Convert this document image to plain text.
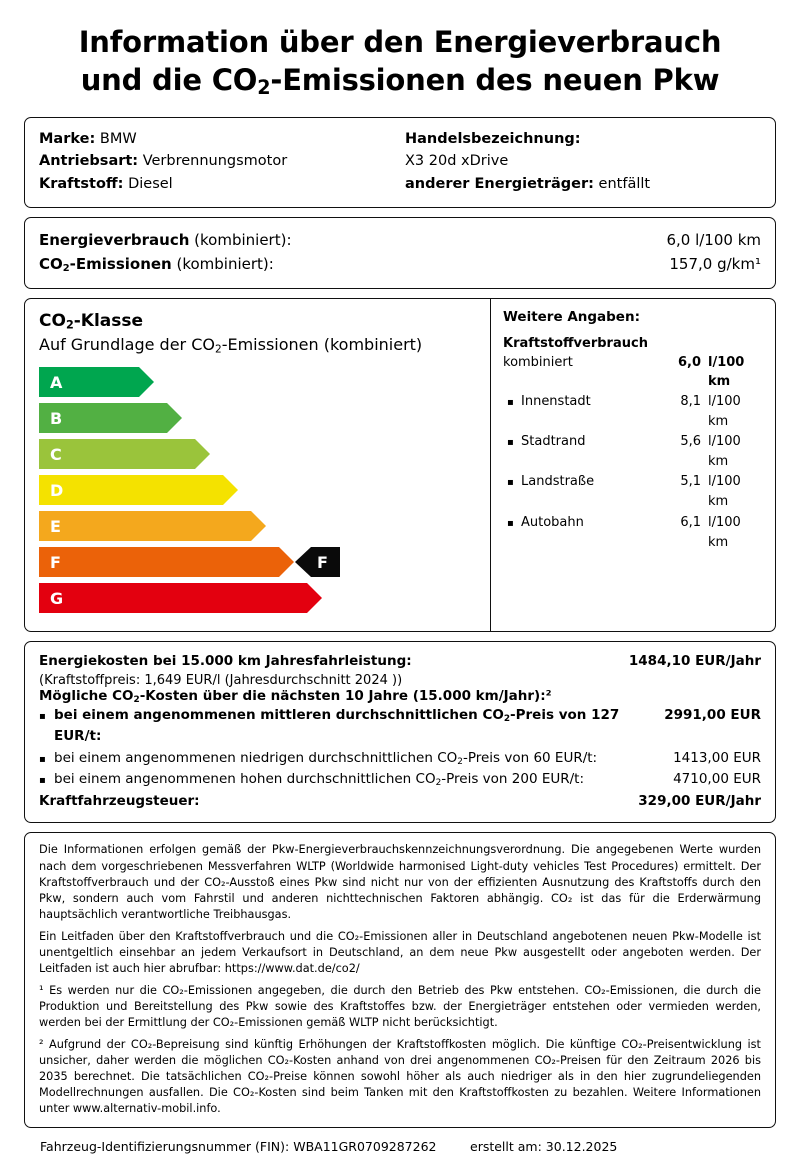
Information über den Energieverbrauch
und die $CO_2$-Emissionen des neuen Pkw
Marke: BMW
Antriebsart: Verbrennungsmotor
Kraftstoff: Diesel
Handelsbezeichnung:
X3 20d xDrive
anderer Energieträger: entfällt
Energieverbrauch (kombiniert):	6,0 l/100 km
$CO_2$-Emissionen (kombiniert):	157,0 g/km¹
$CO_2$-Klasse
Auf Grundlage der $CO_2$-Emissionen (kombiniert)
A
B
C
D
E
F	F
G
Weitere Angaben:
Kraftstoffverbrauch
kombiniert	6,0 l/100 km
▪
Innenstadt	8,1 l/100 km
▪
Stadtrand	5,6 l/100 km
▪
Landstraße	5,1 l/100 km
▪
Autobahn	6,1 l/100 km
Energiekosten bei 15.000 km Jahresfahrleistung:	1484,10 EUR/Jahr
(Kraftstoffpreis: 1,649 EUR/l (Jahresdurchschnitt 2024 ))
Mögliche $CO_2$-Kosten über die nächsten 10 Jahre (15.000 km/Jahr):²
▪
bei einem angenommenen mittleren durchschnittlichen $CO_2$-Preis von 127 EUR/t:
2991,00 EUR
▪
bei einem angenommenen niedrigen durchschnittlichen $CO_2$-Preis von 60 EUR/t:	1413,00 EUR
▪
bei einem angenommenen hohen durchschnittlichen $CO_2$-Preis von 200 EUR/t:	4710,00 EUR
Kraftfahrzeugsteuer:	329,00 EUR/Jahr

Die Informationen erfolgen gemäß der Pkw-Energieverbrauchskennzeichnungsverordnung. Die angegebenen Werte wurden nach dem vorgeschriebenen Messverfahren WLTP (Worldwide harmonised Light-duty vehicles Test Procedures) ermittelt. Der Kraftstoffverbrauch und der CO₂-Ausstoß eines Pkw sind nicht nur von der effizienten Ausnutzung des Kraftstoffs durch den Pkw, sondern auch vom Fahrstil und anderen nichttechnischen Faktoren abhängig. CO₂ ist das für die Erderwärmung hauptsächlich verantwortliche Treibhausgas.

Ein Leitfaden über den Kraftstoffverbrauch und die CO₂-Emissionen aller in Deutschland angebotenen neuen Pkw-Modelle ist unentgeltlich einsehbar an jedem Verkaufsort in Deutschland, an dem neue Pkw ausgestellt oder angeboten werden. Der Leitfaden ist auch hier abrufbar: https://www.dat.de/co2/

¹ Es werden nur die CO₂-Emissionen angegeben, die durch den Betrieb des Pkw entstehen. CO₂-Emissionen, die durch die Produktion und Bereitstellung des Pkw sowie des Kraftstoffes bzw. der Energieträger entstehen oder vermieden werden, werden bei der Ermittlung der CO₂-Emissionen gemäß WLTP nicht berücksichtigt.

² Aufgrund der CO₂-Bepreisung sind künftig Erhöhungen der Kraftstoffkosten möglich. Die künftige CO₂-Preisentwicklung ist unsicher, daher werden die möglichen CO₂-Kosten anhand von drei angenommenen CO₂-Preisen für den Zeitraum 2026 bis 2035 berechnet. Die tatsächlichen CO₂-Preise können sowohl höher als auch niedriger als in den hier zugrundeliegenden Modellrechnungen ausfallen. Die CO₂-Kosten sind beim Tanken mit den Kraftstoffkosten zu bezahlen. Weitere Informationen unter www.alternativ-mobil.info.

Fahrzeug-Identifizierungsnummer (FIN): WBA11GR0709287262	erstellt am: 30.12.2025
